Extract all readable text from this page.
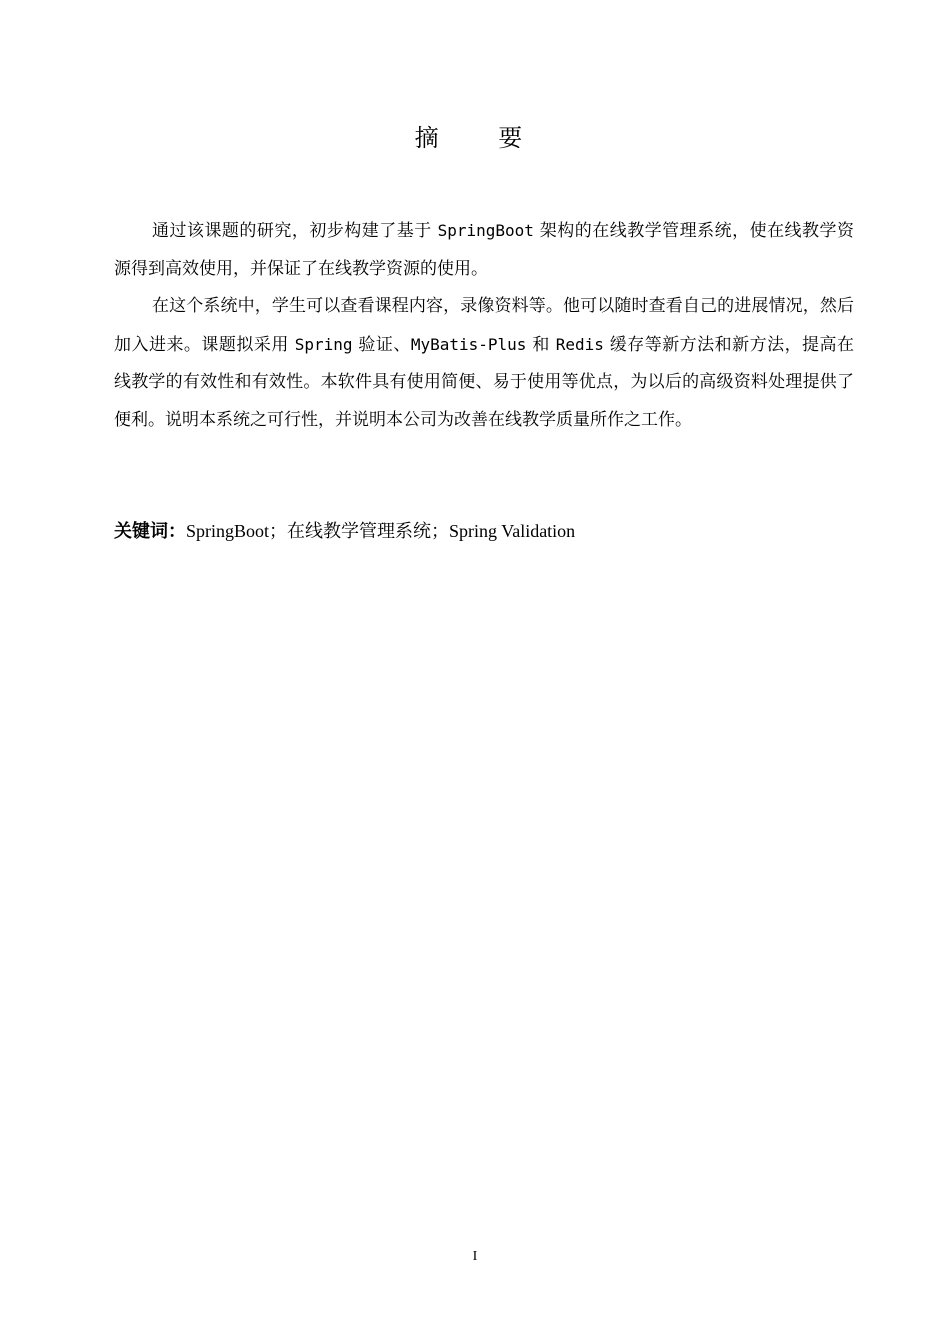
摘 要

通过该课题的研究，初步构建了基于 SpringBoot 架构的在线教学管理系统，使在线教学资源得到高效使用，并保证了在线教学资源的使用。

在这个系统中，学生可以查看课程内容，录像资料等。他可以随时查看自己的进展情况，然后加入进来。课题拟采用 Spring 验证、MyBatis-Plus 和 Redis 缓存等新方法和新方法，提高在线教学的有效性和有效性。本软件具有使用简便、易于使用等优点，为以后的高级资料处理提供了便利。说明本系统之可行性，并说明本公司为改善在线教学质量所作之工作。

关键词：SpringBoot；在线教学管理系统；Spring Validation
I
